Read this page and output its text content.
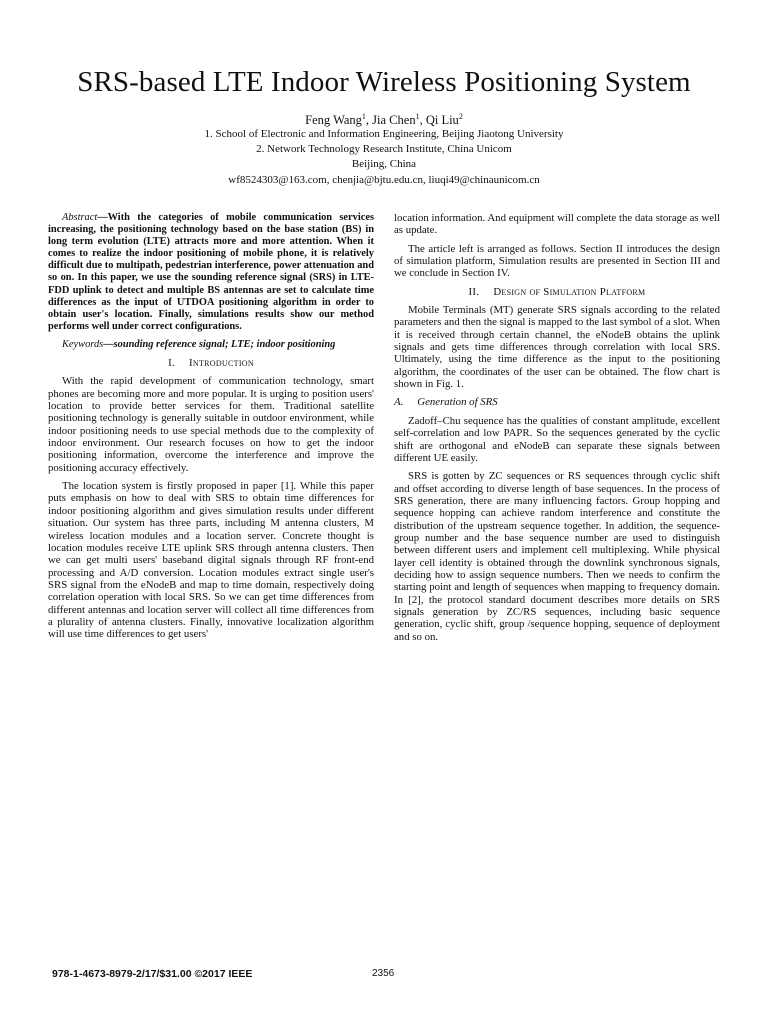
SRS-based LTE Indoor Wireless Positioning System
Feng Wang$^1$, Jia Chen$^1$, Qi Liu$^2$
1. School of Electronic and Information Engineering, Beijing Jiaotong University
2. Network Technology Research Institute, China Unicom
Beijing, China
wf8524303@163.com, chenjia@bjtu.edu.cn, liuqi49@chinaunicom.cn

Abstract—With the categories of mobile communication services increasing, the positioning technology based on the base station (BS) in long term evolution (LTE) attracts more and more attention. When it comes to realize the indoor positioning of mobile phone, it is relatively difficult due to multipath, pedestrian interference, power attenuation and so on. In this paper, we use the sounding reference signal (SRS) in LTE-FDD uplink to detect and multiple BS antennas are set to calculate time differences as the input of UTDOA positioning algorithm in order to obtain user's location. Finally, simulations results show our method performs well under correct configurations.

Keywords—sounding reference signal; LTE; indoor positioning

I. Introduction

With the rapid development of communication technology, smart phones are becoming more and more popular. It is urging to position users' location to provide better services for them. Traditional satellite positioning technology is generally suitable in outdoor environment, while indoor positioning needs to use special methods due to the complexity of indoor environment. Our research focuses on how to get the indoor positioning information, overcome the interference and improve the positioning accuracy effectively.

The location system is firstly proposed in paper [1]. While this paper puts emphasis on how to deal with SRS to obtain time differences for indoor positioning algorithm and gives simulation results under different situation. Our system has three parts, including M antenna clusters, M wireless location modules and a location server. Concrete thought is location modules receive LTE uplink SRS through antenna clusters. Then we can get multi users' baseband digital signals through RF front-end processing and A/D conversion. Location modules extract single user's SRS signal from the eNodeB and map to time domain, respectively doing correlation operation with local SRS. So we can get time differences from different antennas and location server will collect all time differences from a plurality of antenna clusters. Finally, innovative localization algorithm will use time differences to get users'

location information. And equipment will complete the data storage as well as update.

The article left is arranged as follows. Section II introduces the design of simulation platform, Simulation results are presented in Section III and we conclude in Section IV.

II. Design of Simulation Platform

Mobile Terminals (MT) generate SRS signals according to the related parameters and then the signal is mapped to the last symbol of a slot. When it is received through certain channel, the eNodeB obtains the uplink signals and gets time differences through correlation with local SRS. Ultimately, using the time difference as the input to the positioning algorithm, the coordinates of the user can be obtained. The flow chart is shown in Fig. 1.

A. Generation of SRS

Zadoff–Chu sequence has the qualities of constant amplitude, excellent self-correlation and low PAPR. So the sequences generated by the cyclic shift are orthogonal and eNodeB can separate these signals between different UE easily.

SRS is gotten by ZC sequences or RS sequences through cyclic shift and offset according to diverse length of base sequences. In the process of SRS generation, there are many influencing factors. Group hopping and sequence hopping can achieve random interference and constitute the distribution of the upstream sequence together. In addition, the sequence-group number and the base sequence number are used to distinguish between different users and implement cell multiplexing. While physical layer cell identity is obtained through the downlink synchronous signals, deciding how to assign sequence numbers. Then we needs to confirm the starting point and length of sequences when mapping to frequency domain. In [2], the protocol standard document describes more details on SRS signals generation by ZC/RS sequences, including basic sequence generation, cyclic shift, group /sequence hopping, sequence of deployment and so on.

978-1-4673-8979-2/17/$31.00 ©2017 IEEE	2356
